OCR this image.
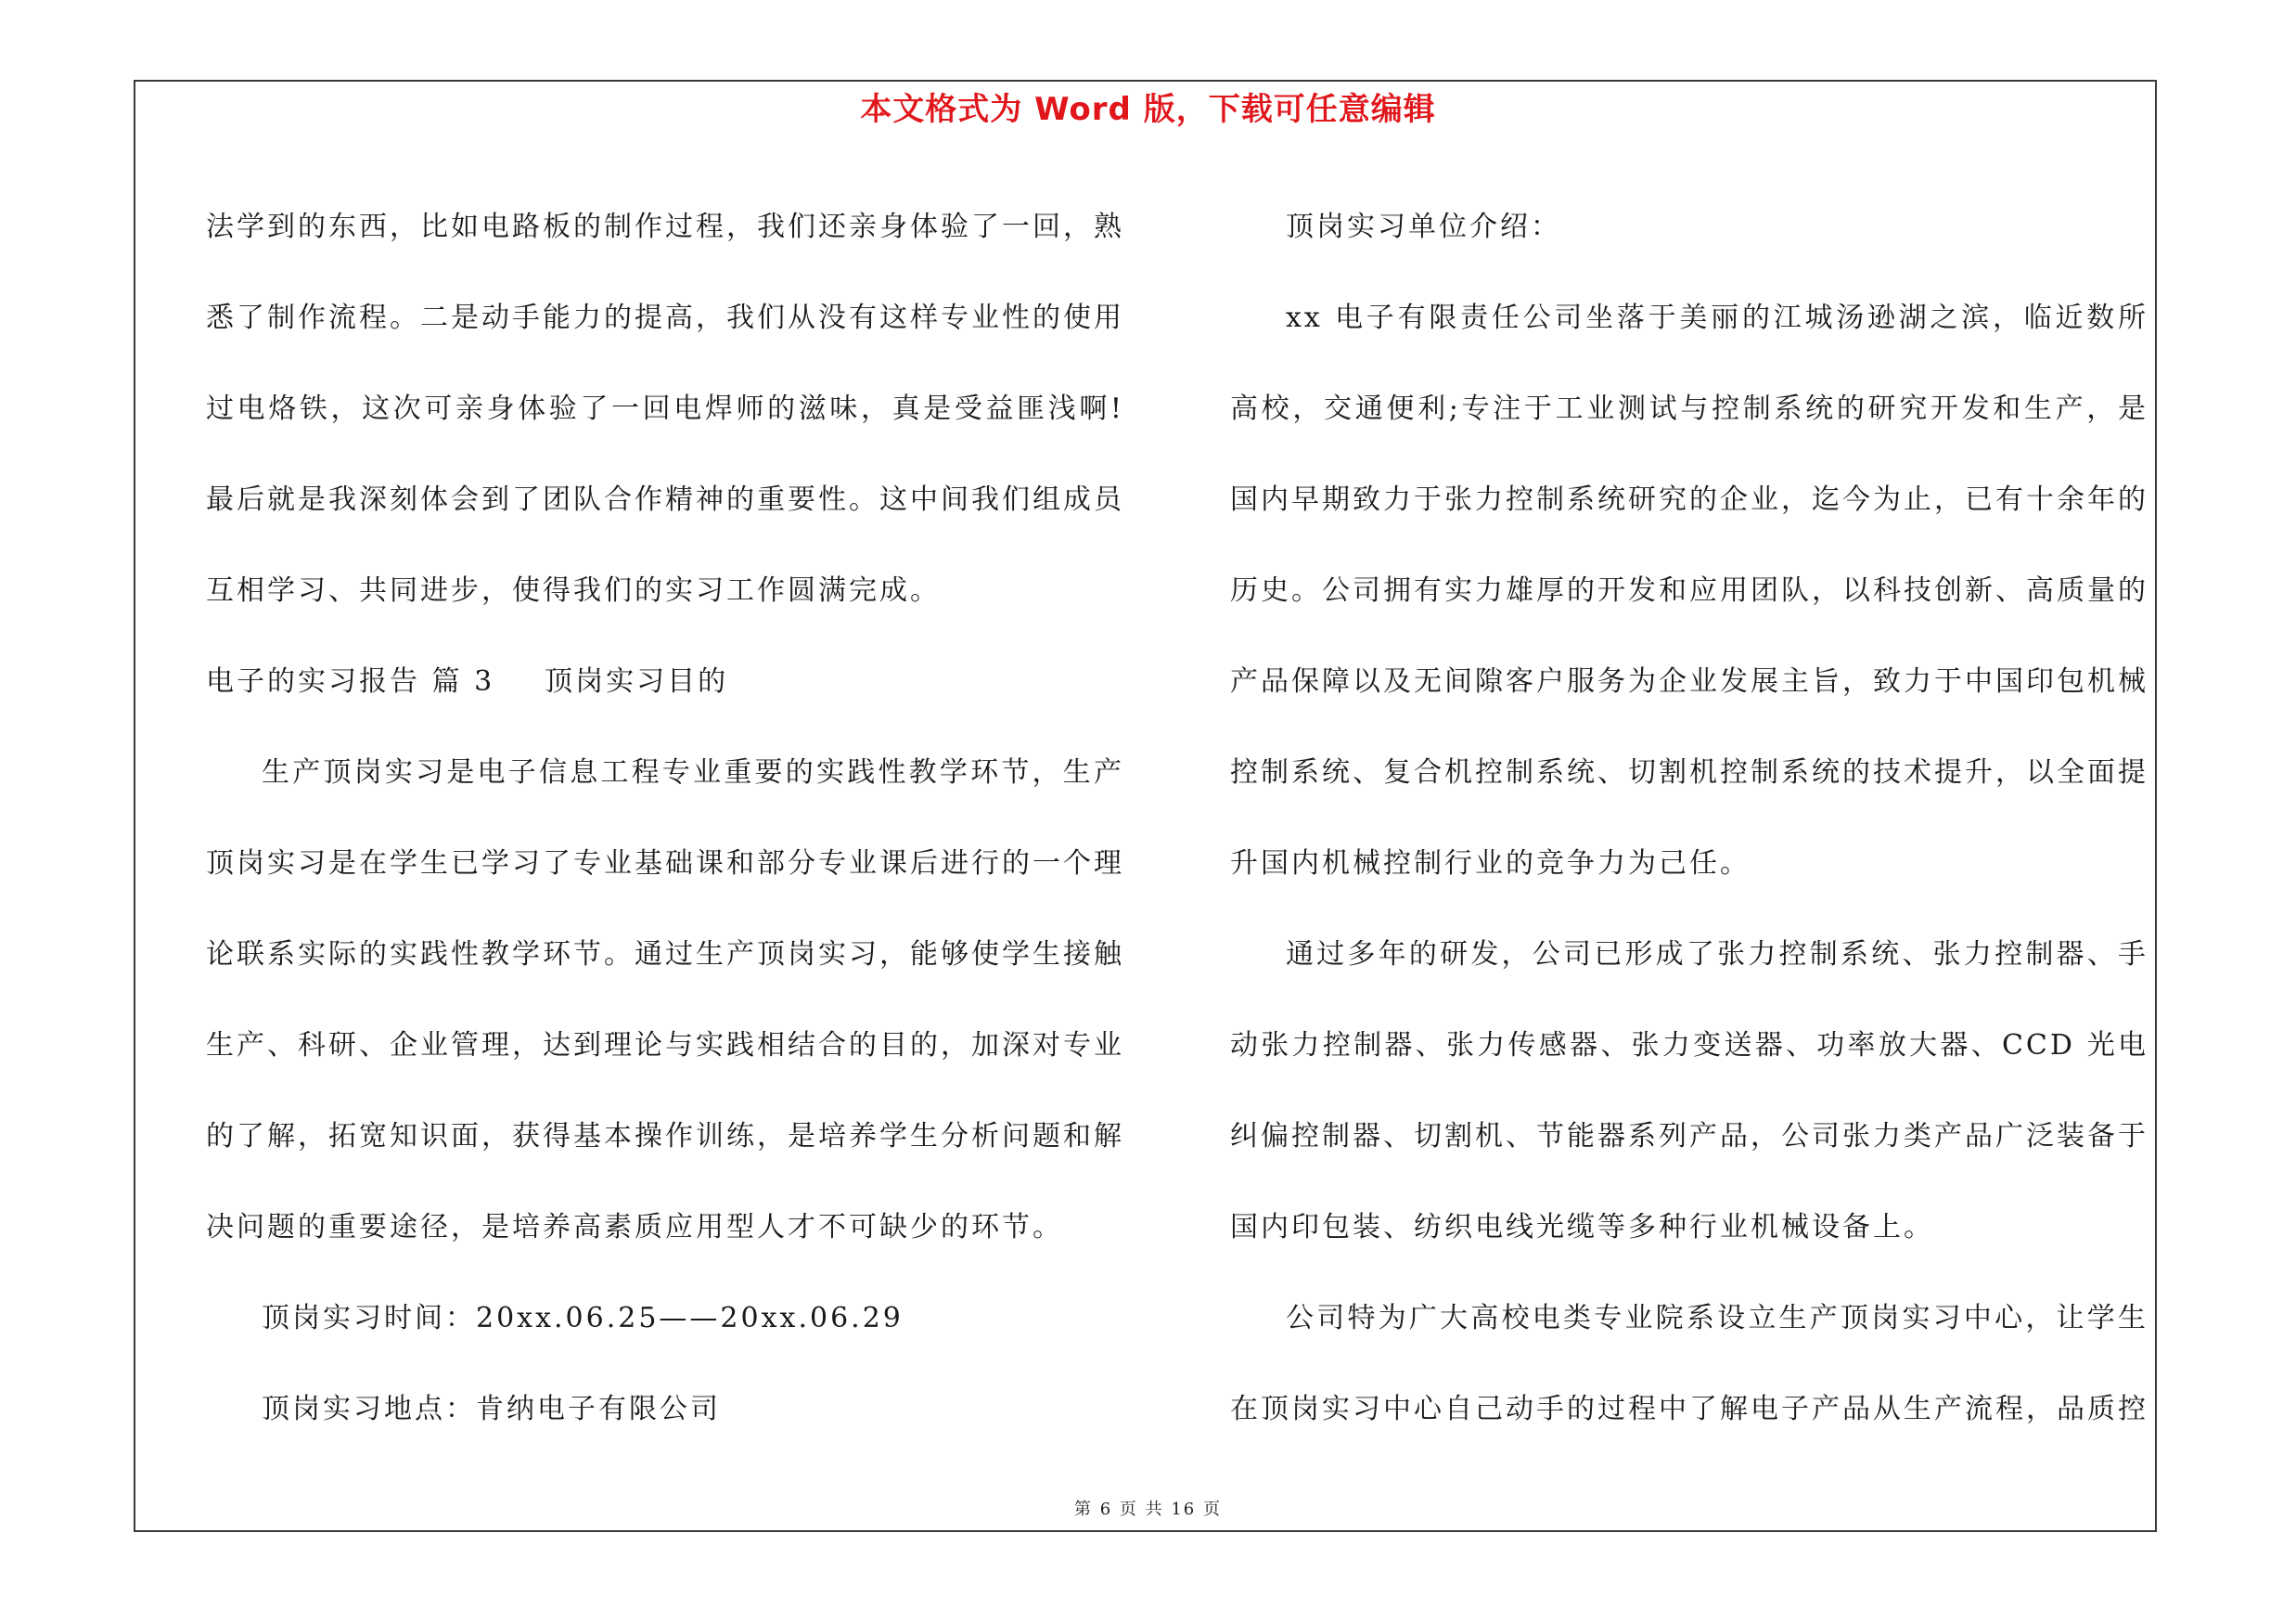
本文格式为 Word 版，下载可任意编辑

法学到的东西，比如电路板的制作过程，我们还亲身体验了一回，熟悉了制作流程。二是动手能力的提高，我们从没有这样专业性的使用过电烙铁，这次可亲身体验了一回电焊师的滋味，真是受益匪浅啊!最后就是我深刻体会到了团队合作精神的重要性。这中间我们组成员互相学习、共同进步，使得我们的实习工作圆满完成。

电子的实习报告 篇 3 顶岗实习目的

生产顶岗实习是电子信息工程专业重要的实践性教学环节，生产顶岗实习是在学生已学习了专业基础课和部分专业课后进行的一个理论联系实际的实践性教学环节。通过生产顶岗实习，能够使学生接触生产、科研、企业管理，达到理论与实践相结合的目的，加深对专业的了解，拓宽知识面，获得基本操作训练，是培养学生分析问题和解决问题的重要途径，是培养高素质应用型人才不可缺少的环节。

顶岗实习时间：20xx.06.25——20xx.06.29

顶岗实习地点：肯纳电子有限公司

顶岗实习单位介绍：

xx 电子有限责任公司坐落于美丽的江城汤逊湖之滨，临近数所高校，交通便利;专注于工业测试与控制系统的研究开发和生产，是国内早期致力于张力控制系统研究的企业，迄今为止，已有十余年的历史。公司拥有实力雄厚的开发和应用团队，以科技创新、高质量的产品保障以及无间隙客户服务为企业发展主旨，致力于中国印包机械控制系统、复合机控制系统、切割机控制系统的技术提升，以全面提升国内机械控制行业的竞争力为己任。

通过多年的研发，公司已形成了张力控制系统、张力控制器、手动张力控制器、张力传感器、张力变送器、功率放大器、CCD 光电纠偏控制器、切割机、节能器系列产品，公司张力类产品广泛装备于国内印包装、纺织电线光缆等多种行业机械设备上。

公司特为广大高校电类专业院系设立生产顶岗实习中心，让学生在顶岗实习中心自己动手的过程中了解电子产品从生产流程，品质控

第 6 页 共 16 页
